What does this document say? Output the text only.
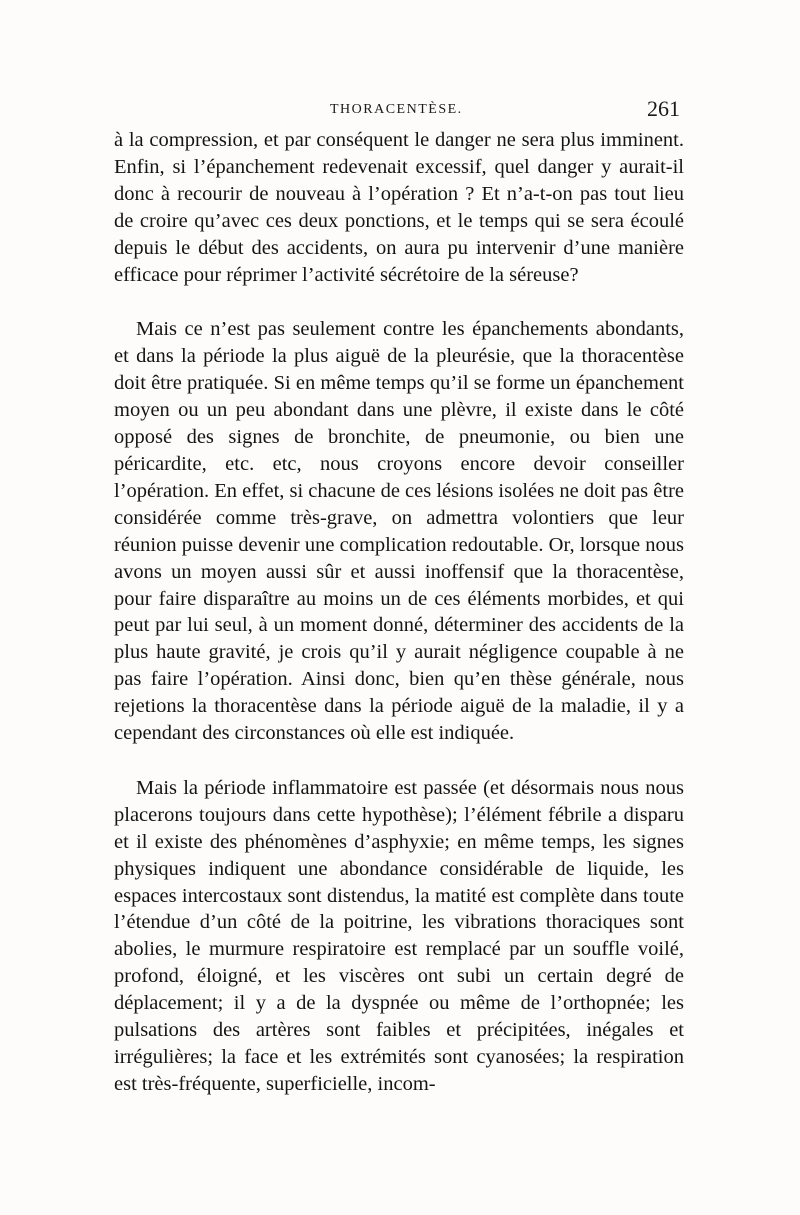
THORACENTÈSE.	261

à la compression, et par conséquent le danger ne sera plus imminent. Enfin, si l’épanchement redevenait excessif, quel danger y aurait-il donc à recourir de nouveau à l’opération ? Et n’a-t-on pas tout lieu de croire qu’avec ces deux ponctions, et le temps qui se sera écoulé depuis le début des accidents, on aura pu intervenir d’une manière efficace pour réprimer l’activité sécrétoire de la séreuse?

Mais ce n’est pas seulement contre les épanchements abondants, et dans la période la plus aiguë de la pleurésie, que la thoracentèse doit être pratiquée. Si en même temps qu’il se forme un épanchement moyen ou un peu abondant dans une plèvre, il existe dans le côté opposé des signes de bronchite, de pneumonie, ou bien une péricardite, etc. etc, nous croyons encore devoir conseiller l’opération. En effet, si chacune de ces lésions isolées ne doit pas être considérée comme très-grave, on admettra volontiers que leur réunion puisse devenir une complication redoutable. Or, lorsque nous avons un moyen aussi sûr et aussi inoffensif que la thoracentèse, pour faire disparaître au moins un de ces éléments morbides, et qui peut par lui seul, à un moment donné, déterminer des accidents de la plus haute gravité, je crois qu’il y aurait négligence coupable à ne pas faire l’opération. Ainsi donc, bien qu’en thèse générale, nous rejetions la thoracentèse dans la période aiguë de la maladie, il y a cependant des circonstances où elle est indiquée.

Mais la période inflammatoire est passée (et désormais nous nous placerons toujours dans cette hypothèse); l’élément fébrile a disparu et il existe des phénomènes d’asphyxie; en même temps, les signes physiques indiquent une abondance considérable de liquide, les espaces intercostaux sont distendus, la matité est complète dans toute l’étendue d’un côté de la poitrine, les vibrations thoraciques sont abolies, le murmure respiratoire est remplacé par un souffle voilé, profond, éloigné, et les viscères ont subi un certain degré de déplacement; il y a de la dyspnée ou même de l’orthopnée; les pulsations des artères sont faibles et précipitées, inégales et irrégulières; la face et les extrémités sont cyanosées; la respiration est très-fréquente, superficielle, incom-
